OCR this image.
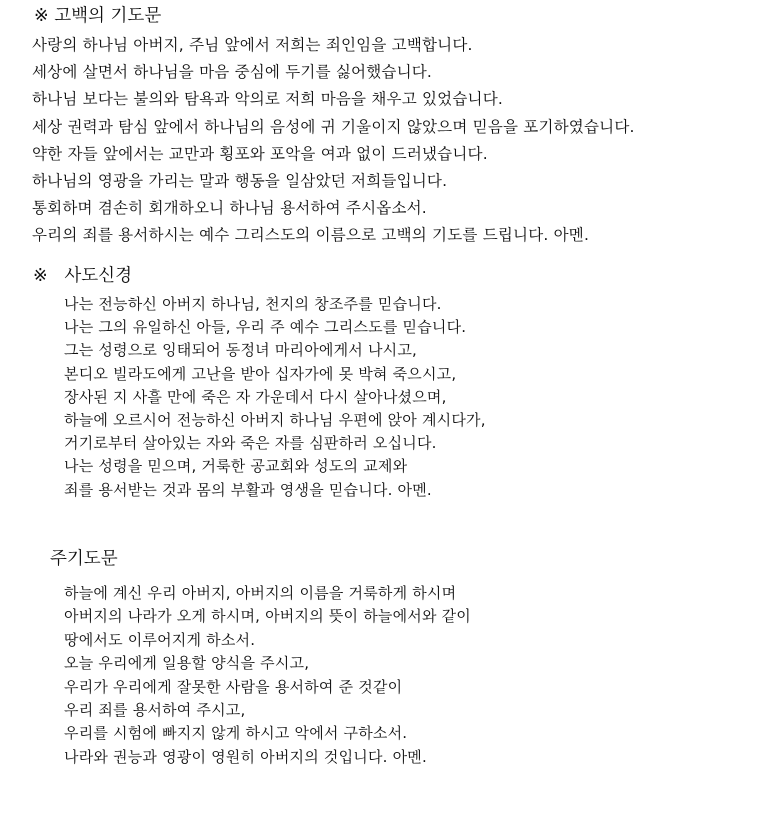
※ 고백의 기도문
사랑의 하나님 아버지, 주님 앞에서 저희는 죄인임을 고백합니다.
세상에 살면서 하나님을 마음 중심에 두기를 싫어했습니다.
하나님 보다는 불의와 탐욕과 악의로 저희 마음을 채우고 있었습니다.
세상 권력과 탐심 앞에서 하나님의 음성에 귀 기울이지 않았으며 믿음을 포기하였습니다.
약한 자들 앞에서는 교만과 횡포와 포악을 여과 없이 드러냈습니다.
하나님의 영광을 가리는 말과 행동을 일삼았던 저희들입니다.
통회하며 겸손히 회개하오니 하나님 용서하여 주시옵소서.
우리의 죄를 용서하시는 예수 그리스도의 이름으로 고백의 기도를 드립니다. 아멘.
※ 사도신경
나는 전능하신 아버지 하나님, 천지의 창조주를 믿습니다.
나는 그의 유일하신 아들, 우리 주 예수 그리스도를 믿습니다.
그는 성령으로 잉태되어 동정녀 마리아에게서 나시고,
본디오 빌라도에게 고난을 받아 십자가에 못 박혀 죽으시고,
장사된 지 사흘 만에 죽은 자 가운데서 다시 살아나셨으며,
하늘에 오르시어 전능하신 아버지 하나님 우편에 앉아 계시다가,
거기로부터 살아있는 자와 죽은 자를 심판하러 오십니다.
나는 성령을 믿으며, 거룩한 공교회와 성도의 교제와
죄를 용서받는 것과 몸의 부활과 영생을 믿습니다. 아멘.
주기도문
하늘에 계신 우리 아버지, 아버지의 이름을 거룩하게 하시며
아버지의 나라가 오게 하시며, 아버지의 뜻이 하늘에서와 같이
땅에서도 이루어지게 하소서.
오늘 우리에게 일용할 양식을 주시고,
우리가 우리에게 잘못한 사람을 용서하여 준 것같이
우리 죄를 용서하여 주시고,
우리를 시험에 빠지지 않게 하시고 악에서 구하소서.
나라와 권능과 영광이 영원히 아버지의 것입니다. 아멘.
